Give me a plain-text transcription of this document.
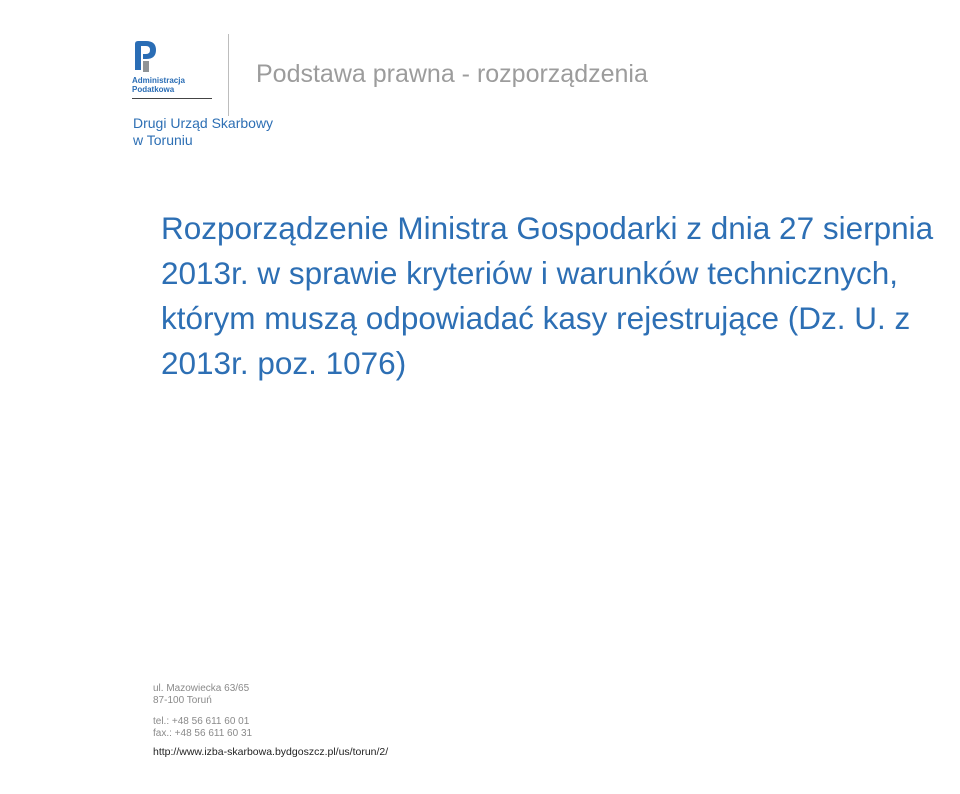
Administracja
Podatkowa
Drugi Urząd Skarbowy
w Toruniu
Podstawa prawna - rozporządzenia

Rozporządzenie Ministra Gospodarki z dnia 27 sierpnia 2013r. w sprawie kryteriów i warunków technicznych, którym muszą odpowiadać kasy rejestrujące (Dz. U. z 2013r. poz. 1076)

ul. Mazowiecka 63/65
87-100 Toruń
tel.: +48 56 611 60 01
fax.: +48 56 611 60 31
http://www.izba-skarbowa.bydgoszcz.pl/us/torun/2/
